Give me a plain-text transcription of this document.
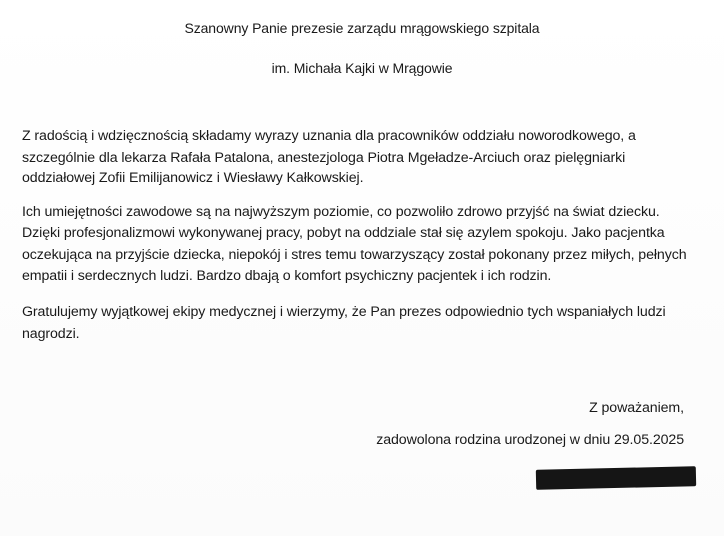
Szanowny Panie prezesie zarządu mrągowskiego szpitala
im. Michała Kajki w Mrągowie
Z radością i wdzięcznością składamy wyrazy uznania dla pracowników oddziału noworodkowego, a
szczególnie dla lekarza Rafała Patalona, anestezjologa Piotra Mgeładze-Arciuch oraz pielęgniarki
oddziałowej Zofii Emilijanowicz i Wiesławy Kałkowskiej.
Ich umiejętności zawodowe są na najwyższym poziomie, co pozwoliło zdrowo przyjść na świat dziecku.
Dzięki profesjonalizmowi wykonywanej pracy, pobyt na oddziale stał się azylem spokoju. Jako pacjentka
oczekująca na przyjście dziecka, niepokój i stres temu towarzyszący został pokonany przez miłych, pełnych
empatii i serdecznych ludzi. Bardzo dbają o komfort psychiczny pacjentek i ich rodzin.
Gratulujemy wyjątkowej ekipy medycznej i wierzymy, że Pan prezes odpowiednio tych wspaniałych ludzi
nagrodzi.
Z poważaniem,
zadowolona rodzina urodzonej w dniu 29.05.2025
